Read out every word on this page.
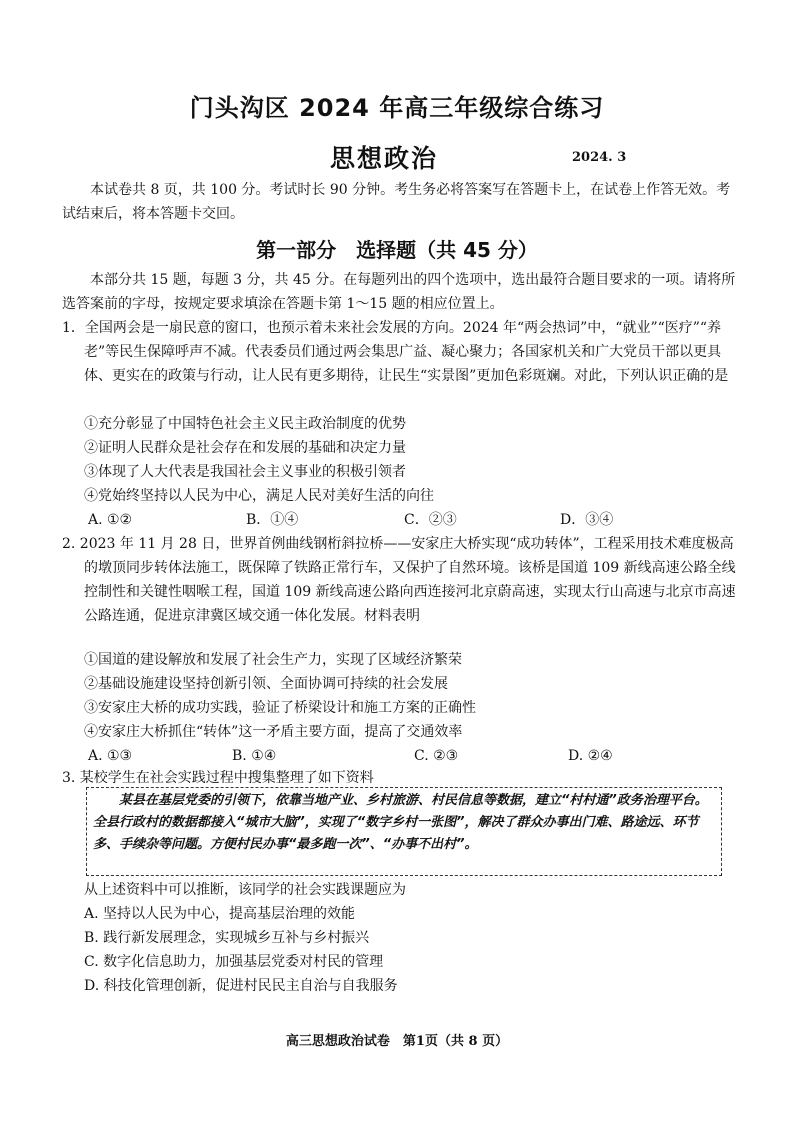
门头沟区 2024 年高三年级综合练习
思想政治	2024. 3
本试卷共 8 页，共 100 分。考试时长 90 分钟。考生务必将答案写在答题卡上，在试卷上作答无效。考试结束后，将本答题卡交回。
第一部分　选择题（共 45 分）
本部分共 15 题，每题 3 分，共 45 分。在每题列出的四个选项中，选出最符合题目要求的一项。请将所选答案前的字母，按规定要求填涂在答题卡第 1～15 题的相应位置上。
1．全国两会是一扇民意的窗口，也预示着未来社会发展的方向。2024 年“两会热词”中，“就业”“医疗”“养老”等民生保障呼声不减。代表委员们通过两会集思广益、凝心聚力；各国家机关和广大党员干部以更具体、更实在的政策与行动，让人民有更多期待，让民生“实景图”更加色彩斑斓。对此，下列认识正确的是
①充分彰显了中国特色社会主义民主政治制度的优势
②证明人民群众是社会存在和发展的基础和决定力量
③体现了人大代表是我国社会主义事业的积极引领者
④党始终坚持以人民为中心，满足人民对美好生活的向往
A. ①②	B．①④	C．②③	D．③④
2. 2023 年 11 月 28 日，世界首例曲线钢桁斜拉桥——安家庄大桥实现“成功转体”，工程采用技术难度极高的墩顶同步转体法施工，既保障了铁路正常行车，又保护了自然环境。该桥是国道 109 新线高速公路全线控制性和关键性咽喉工程，国道 109 新线高速公路向西连接河北京蔚高速，实现太行山高速与北京市高速公路连通，促进京津冀区域交通一体化发展。材料表明
①国道的建设解放和发展了社会生产力，实现了区域经济繁荣
②基础设施建设坚持创新引领、全面协调可持续的社会发展
③安家庄大桥的成功实践，验证了桥梁设计和施工方案的正确性
④安家庄大桥抓住“转体”这一矛盾主要方面，提高了交通效率
A. ①③	B. ①④	C. ②③	D. ②④
3. 某校学生在社会实践过程中搜集整理了如下资料
某县在基层党委的引领下，依靠当地产业、乡村旅游、村民信息等数据，建立“村村通”政务治理平台。全县行政村的数据都接入“城市大脑”，实现了“数字乡村一张图”，解决了群众办事出门难、路途远、环节多、手续杂等问题。方便村民办事“最多跑一次”、“办事不出村”。
从上述资料中可以推断，该同学的社会实践课题应为
A. 坚持以人民为中心，提高基层治理的效能
B. 践行新发展理念，实现城乡互补与乡村振兴
C. 数字化信息助力，加强基层党委对村民的管理
D. 科技化管理创新，促进村民民主自治与自我服务
高三思想政治试卷　第1页（共 8 页）
